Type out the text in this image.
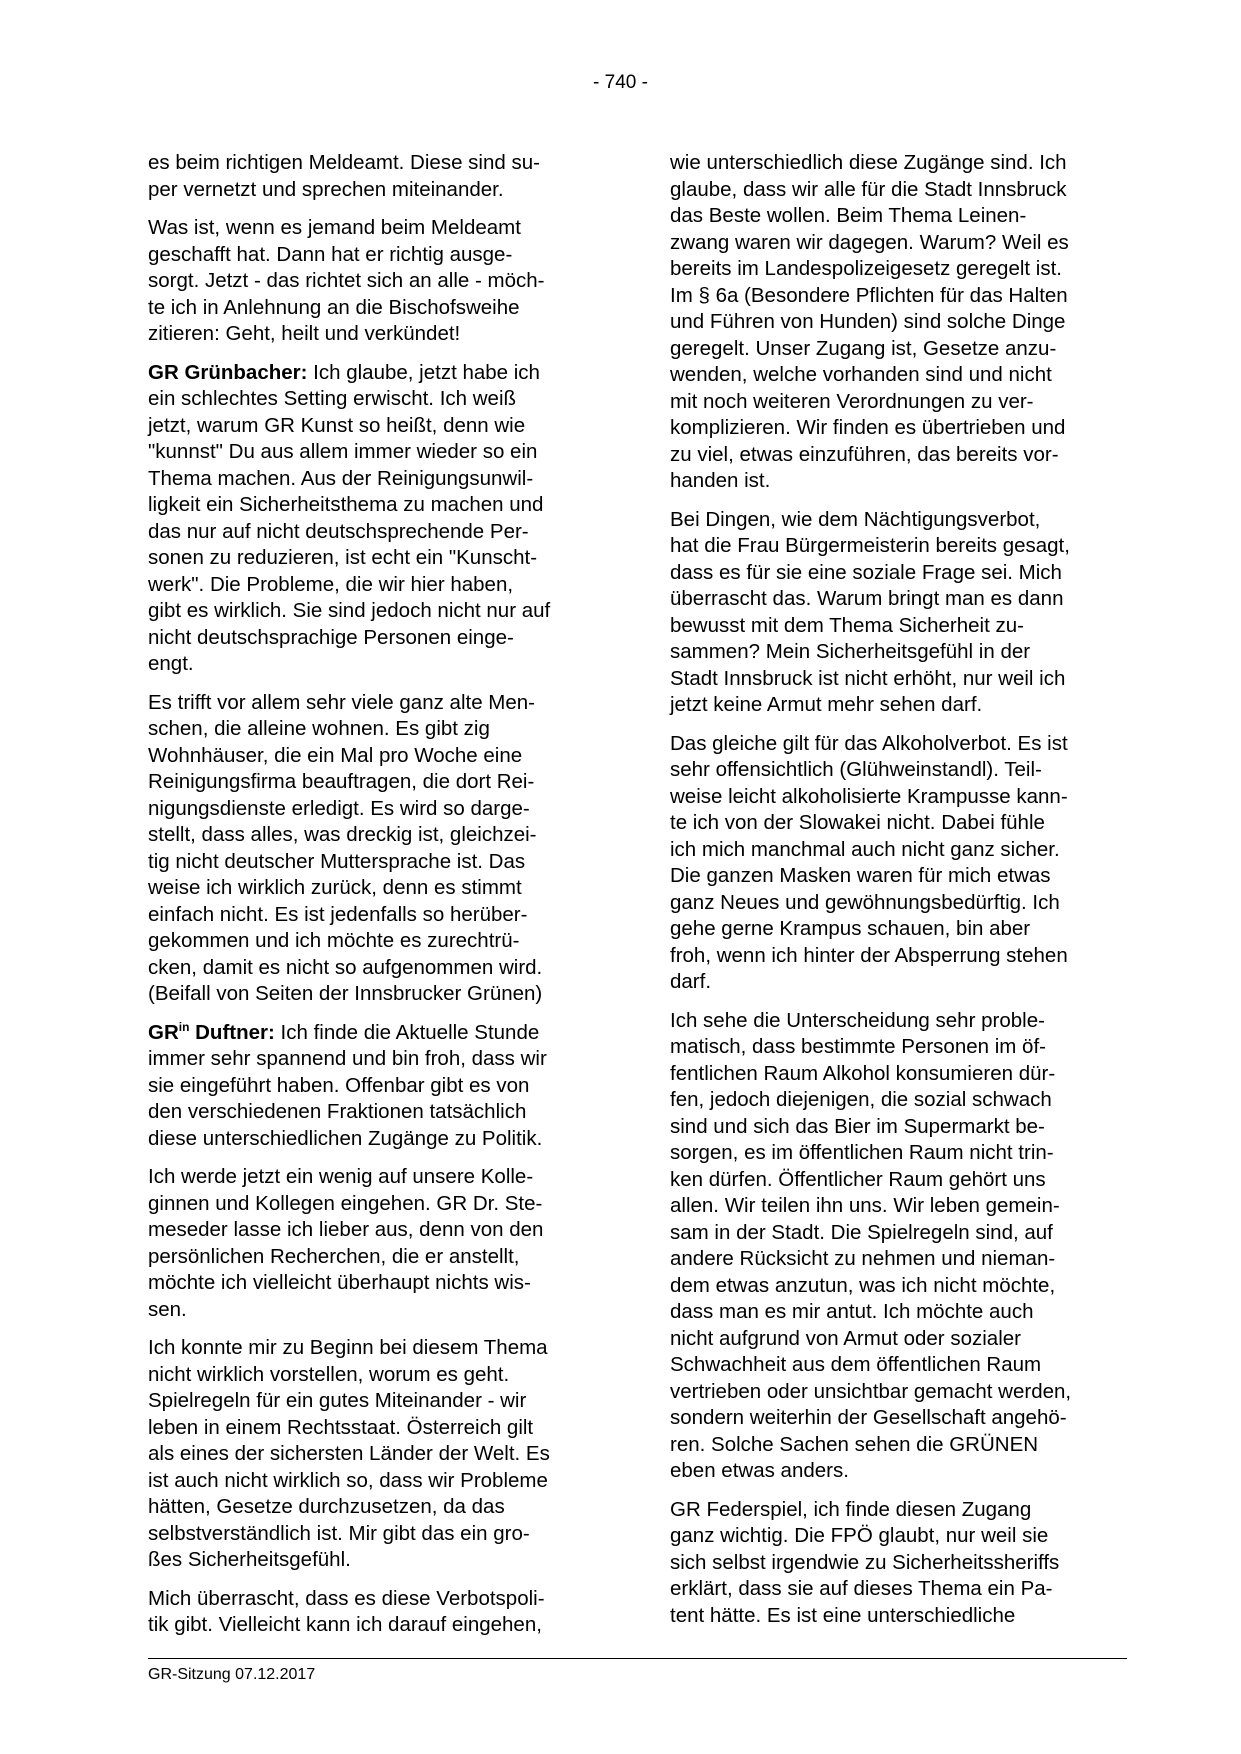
- 740 -

es beim richtigen Meldeamt. Diese sind su-
per vernetzt und sprechen miteinander.

Was ist, wenn es jemand beim Meldeamt
geschafft hat. Dann hat er richtig ausge-
sorgt. Jetzt - das richtet sich an alle - möch-
te ich in Anlehnung an die Bischofsweihe
zitieren: Geht, heilt und verkündet!

GR Grünbacher: Ich glaube, jetzt habe ich
ein schlechtes Setting erwischt. Ich weiß
jetzt, warum GR Kunst so heißt, denn wie
"kunnst" Du aus allem immer wieder so ein
Thema machen. Aus der Reinigungsunwil-
ligkeit ein Sicherheitsthema zu machen und
das nur auf nicht deutschsprechende Per-
sonen zu reduzieren, ist echt ein "Kunscht-
werk". Die Probleme, die wir hier haben,
gibt es wirklich. Sie sind jedoch nicht nur auf
nicht deutschsprachige Personen einge-
engt.

Es trifft vor allem sehr viele ganz alte Men-
schen, die alleine wohnen. Es gibt zig
Wohnhäuser, die ein Mal pro Woche eine
Reinigungsfirma beauftragen, die dort Rei-
nigungsdienste erledigt. Es wird so darge-
stellt, dass alles, was dreckig ist, gleichzei-
tig nicht deutscher Muttersprache ist. Das
weise ich wirklich zurück, denn es stimmt
einfach nicht. Es ist jedenfalls so herüber-
gekommen und ich möchte es zurechtrü-
cken, damit es nicht so aufgenommen wird.
(Beifall von Seiten der Innsbrucker Grünen)

$GR^{in}$ Duftner: Ich finde die Aktuelle Stunde
immer sehr spannend und bin froh, dass wir
sie eingeführt haben. Offenbar gibt es von
den verschiedenen Fraktionen tatsächlich
diese unterschiedlichen Zugänge zu Politik.

Ich werde jetzt ein wenig auf unsere Kolle-
ginnen und Kollegen eingehen. GR Dr. Ste-
meseder lasse ich lieber aus, denn von den
persönlichen Recherchen, die er anstellt,
möchte ich vielleicht überhaupt nichts wis-
sen.

Ich konnte mir zu Beginn bei diesem Thema
nicht wirklich vorstellen, worum es geht.
Spielregeln für ein gutes Miteinander - wir
leben in einem Rechtsstaat. Österreich gilt
als eines der sichersten Länder der Welt. Es
ist auch nicht wirklich so, dass wir Probleme
hätten, Gesetze durchzusetzen, da das
selbstverständlich ist. Mir gibt das ein gro-
ßes Sicherheitsgefühl.

Mich überrascht, dass es diese Verbotspoli-
tik gibt. Vielleicht kann ich darauf eingehen,

wie unterschiedlich diese Zugänge sind. Ich
glaube, dass wir alle für die Stadt Innsbruck
das Beste wollen. Beim Thema Leinen-
zwang waren wir dagegen. Warum? Weil es
bereits im Landespolizeigesetz geregelt ist.
Im § 6a (Besondere Pflichten für das Halten
und Führen von Hunden) sind solche Dinge
geregelt. Unser Zugang ist, Gesetze anzu-
wenden, welche vorhanden sind und nicht
mit noch weiteren Verordnungen zu ver-
komplizieren. Wir finden es übertrieben und
zu viel, etwas einzuführen, das bereits vor-
handen ist.

Bei Dingen, wie dem Nächtigungsverbot,
hat die Frau Bürgermeisterin bereits gesagt,
dass es für sie eine soziale Frage sei. Mich
überrascht das. Warum bringt man es dann
bewusst mit dem Thema Sicherheit zu-
sammen? Mein Sicherheitsgefühl in der
Stadt Innsbruck ist nicht erhöht, nur weil ich
jetzt keine Armut mehr sehen darf.

Das gleiche gilt für das Alkoholverbot. Es ist
sehr offensichtlich (Glühweinstandl). Teil-
weise leicht alkoholisierte Krampusse kann-
te ich von der Slowakei nicht. Dabei fühle
ich mich manchmal auch nicht ganz sicher.
Die ganzen Masken waren für mich etwas
ganz Neues und gewöhnungsbedürftig. Ich
gehe gerne Krampus schauen, bin aber
froh, wenn ich hinter der Absperrung stehen
darf.

Ich sehe die Unterscheidung sehr proble-
matisch, dass bestimmte Personen im öf-
fentlichen Raum Alkohol konsumieren dür-
fen, jedoch diejenigen, die sozial schwach
sind und sich das Bier im Supermarkt be-
sorgen, es im öffentlichen Raum nicht trin-
ken dürfen. Öffentlicher Raum gehört uns
allen. Wir teilen ihn uns. Wir leben gemein-
sam in der Stadt. Die Spielregeln sind, auf
andere Rücksicht zu nehmen und nieman-
dem etwas anzutun, was ich nicht möchte,
dass man es mir antut. Ich möchte auch
nicht aufgrund von Armut oder sozialer
Schwachheit aus dem öffentlichen Raum
vertrieben oder unsichtbar gemacht werden,
sondern weiterhin der Gesellschaft angehö-
ren. Solche Sachen sehen die GRÜNEN
eben etwas anders.

GR Federspiel, ich finde diesen Zugang
ganz wichtig. Die FPÖ glaubt, nur weil sie
sich selbst irgendwie zu Sicherheitssheriffs
erklärt, dass sie auf dieses Thema ein Pa-
tent hätte. Es ist eine unterschiedliche

GR-Sitzung 07.12.2017
